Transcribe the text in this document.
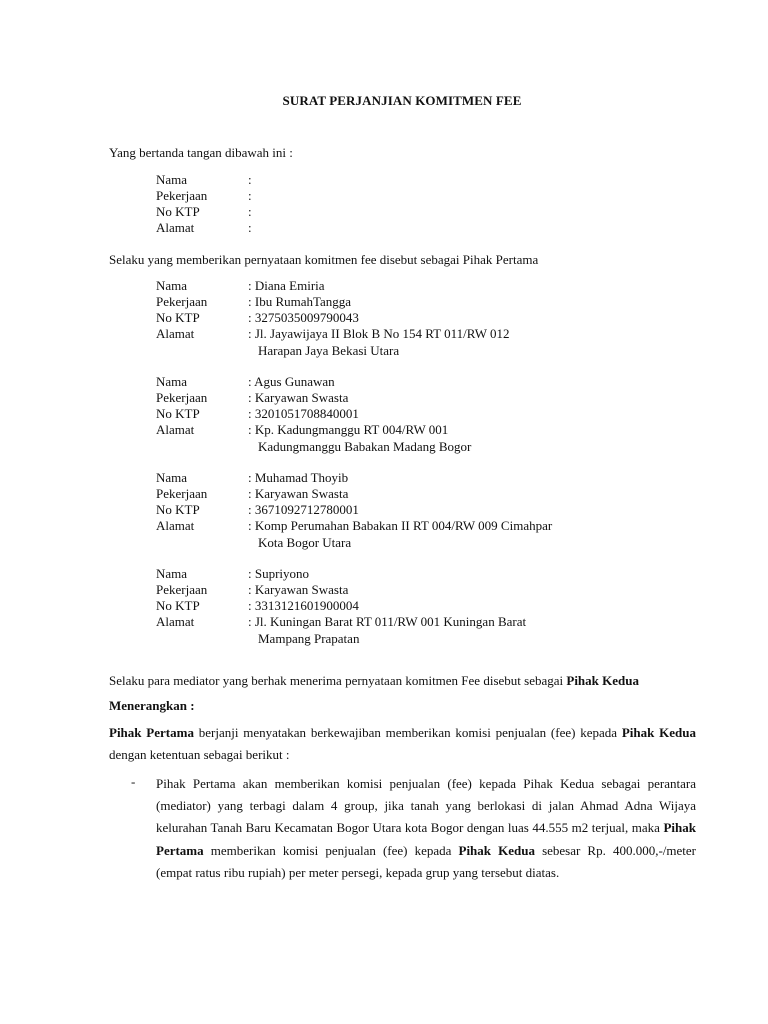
SURAT PERJANJIAN KOMITMEN FEE
Yang bertanda tangan dibawah ini :
Nama	:
Pekerjaan	:
No KTP	:
Alamat	:
Selaku yang memberikan pernyataan komitmen fee disebut sebagai Pihak Pertama
Nama	: Diana Emiria
Pekerjaan	: Ibu RumahTangga
No KTP	: 3275035009790043
Alamat	: Jl. Jayawijaya II Blok B No 154 RT 011/RW 012
Harapan Jaya Bekasi Utara
Nama	: Agus Gunawan
Pekerjaan	: Karyawan Swasta
No KTP	: 3201051708840001
Alamat	: Kp. Kadungmanggu RT 004/RW 001
Kadungmanggu Babakan Madang Bogor
Nama	: Muhamad Thoyib
Pekerjaan	: Karyawan Swasta
No KTP	: 3671092712780001
Alamat	: Komp Perumahan Babakan II RT 004/RW 009 Cimahpar
Kota Bogor Utara
Nama	: Supriyono
Pekerjaan	: Karyawan Swasta
No KTP	: 3313121601900004
Alamat	: Jl. Kuningan Barat RT 011/RW 001 Kuningan Barat
Mampang Prapatan
Selaku para mediator yang berhak menerima pernyataan komitmen Fee disebut sebagai Pihak Kedua
Menerangkan :
Pihak Pertama berjanji menyatakan berkewajiban memberikan komisi penjualan (fee) kepada Pihak Kedua dengan ketentuan sebagai berikut :
- Pihak Pertama akan memberikan komisi penjualan (fee) kepada Pihak Kedua sebagai perantara (mediator) yang terbagi dalam 4 group, jika tanah yang berlokasi di jalan Ahmad Adna Wijaya kelurahan Tanah Baru Kecamatan Bogor Utara kota Bogor dengan luas 44.555 m2 terjual, maka Pihak Pertama memberikan komisi penjualan (fee) kepada Pihak Kedua sebesar Rp. 400.000,-/meter (empat ratus ribu rupiah) per meter persegi, kepada grup yang tersebut diatas.
